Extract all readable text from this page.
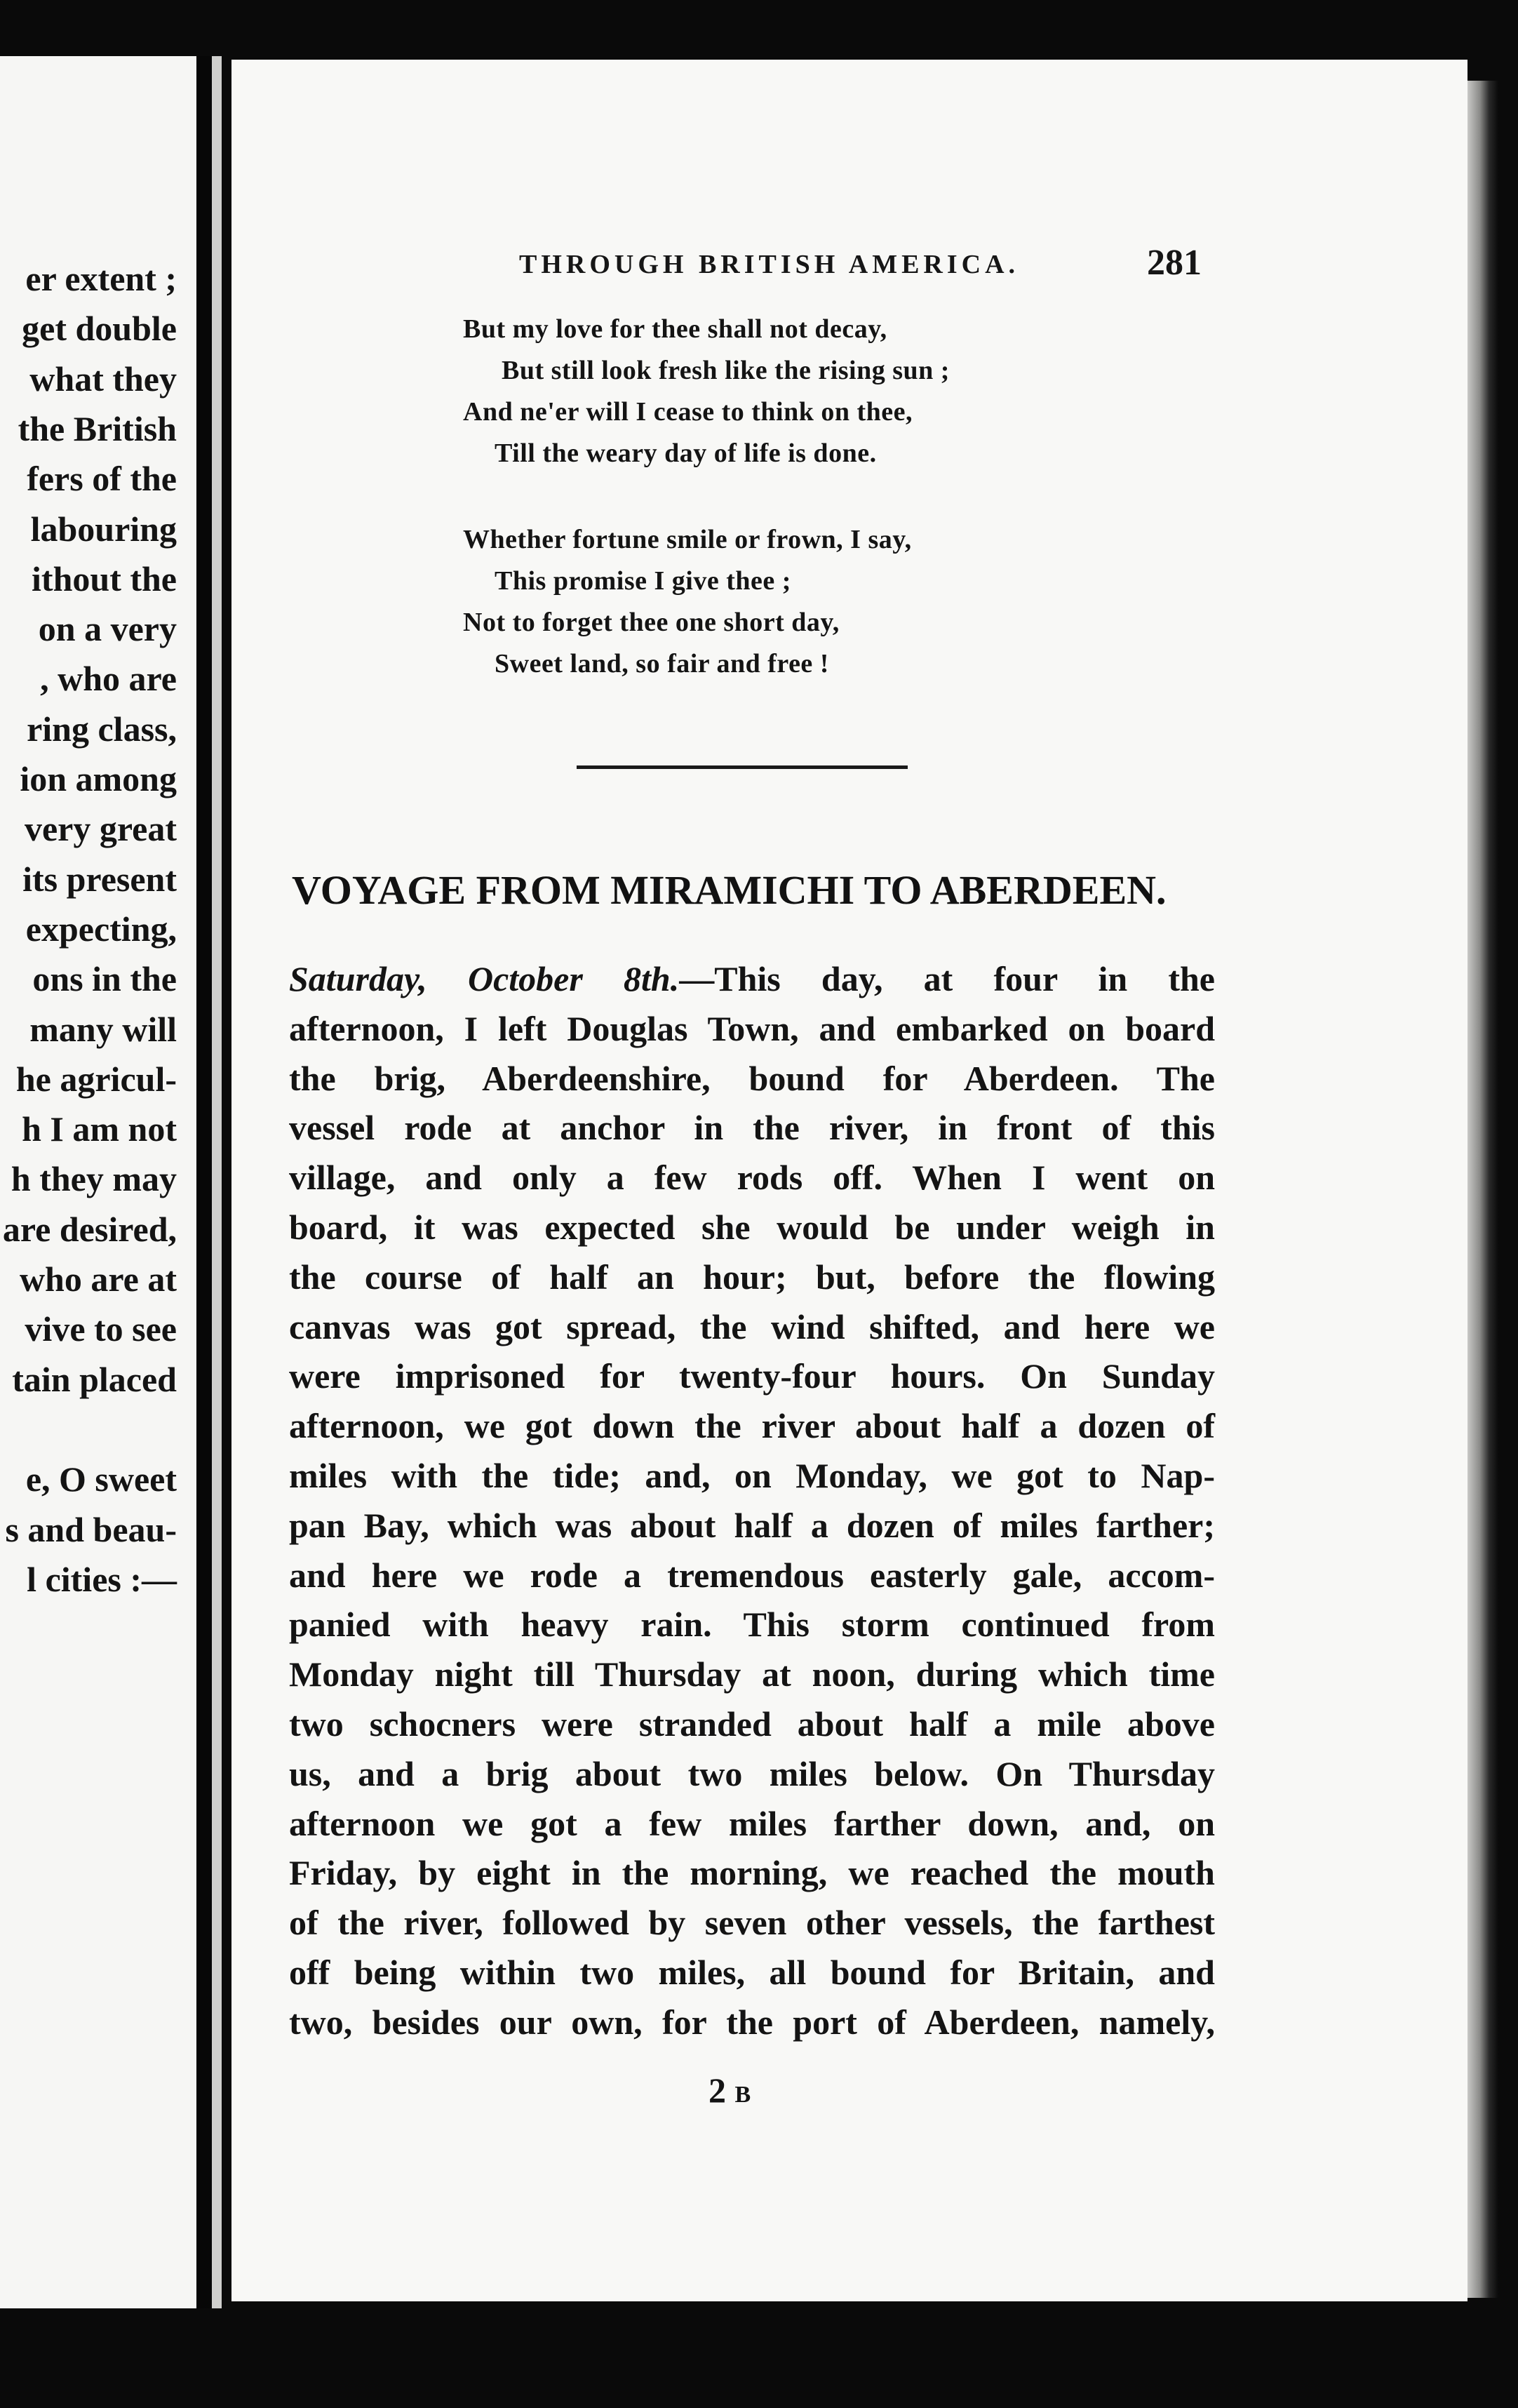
er extent ;
get double
what they
the British
fers of the
labouring
ithout the
on a very
, who are
ring class,
ion among
very great
its present
expecting,
ons in the
many will
he agricul-
h I am not
h they may
are desired,
who are at
vive to see
tain placed
e, O sweet
s and beau-
l cities :—
THROUGH BRITISH AMERICA.	281
But my love for thee shall not decay,
But still look fresh like the rising sun ;
And ne'er will I cease to think on thee,
Till the weary day of life is done.
Whether fortune smile or frown, I say,
This promise I give thee ;
Not to forget thee one short day,
Sweet land, so fair and free !
VOYAGE FROM MIRAMICHI TO ABERDEEN.
Saturday, October 8th.—This day, at four in the
afternoon, I left Douglas Town, and embarked on board
the brig, Aberdeenshire, bound for Aberdeen. The
vessel rode at anchor in the river, in front of this
village, and only a few rods off. When I went on
board, it was expected she would be under weigh in
the course of half an hour; but, before the flowing
canvas was got spread, the wind shifted, and here we
were imprisoned for twenty-four hours. On Sunday
afternoon, we got down the river about half a dozen of
miles with the tide; and, on Monday, we got to Nap-
pan Bay, which was about half a dozen of miles farther;
and here we rode a tremendous easterly gale, accom-
panied with heavy rain. This storm continued from
Monday night till Thursday at noon, during which time
two schocners were stranded about half a mile above
us, and a brig about two miles below. On Thursday
afternoon we got a few miles farther down, and, on
Friday, by eight in the morning, we reached the mouth
of the river, followed by seven other vessels, the farthest
off being within two miles, all bound for Britain, and
two, besides our own, for the port of Aberdeen, namely,
2 B
